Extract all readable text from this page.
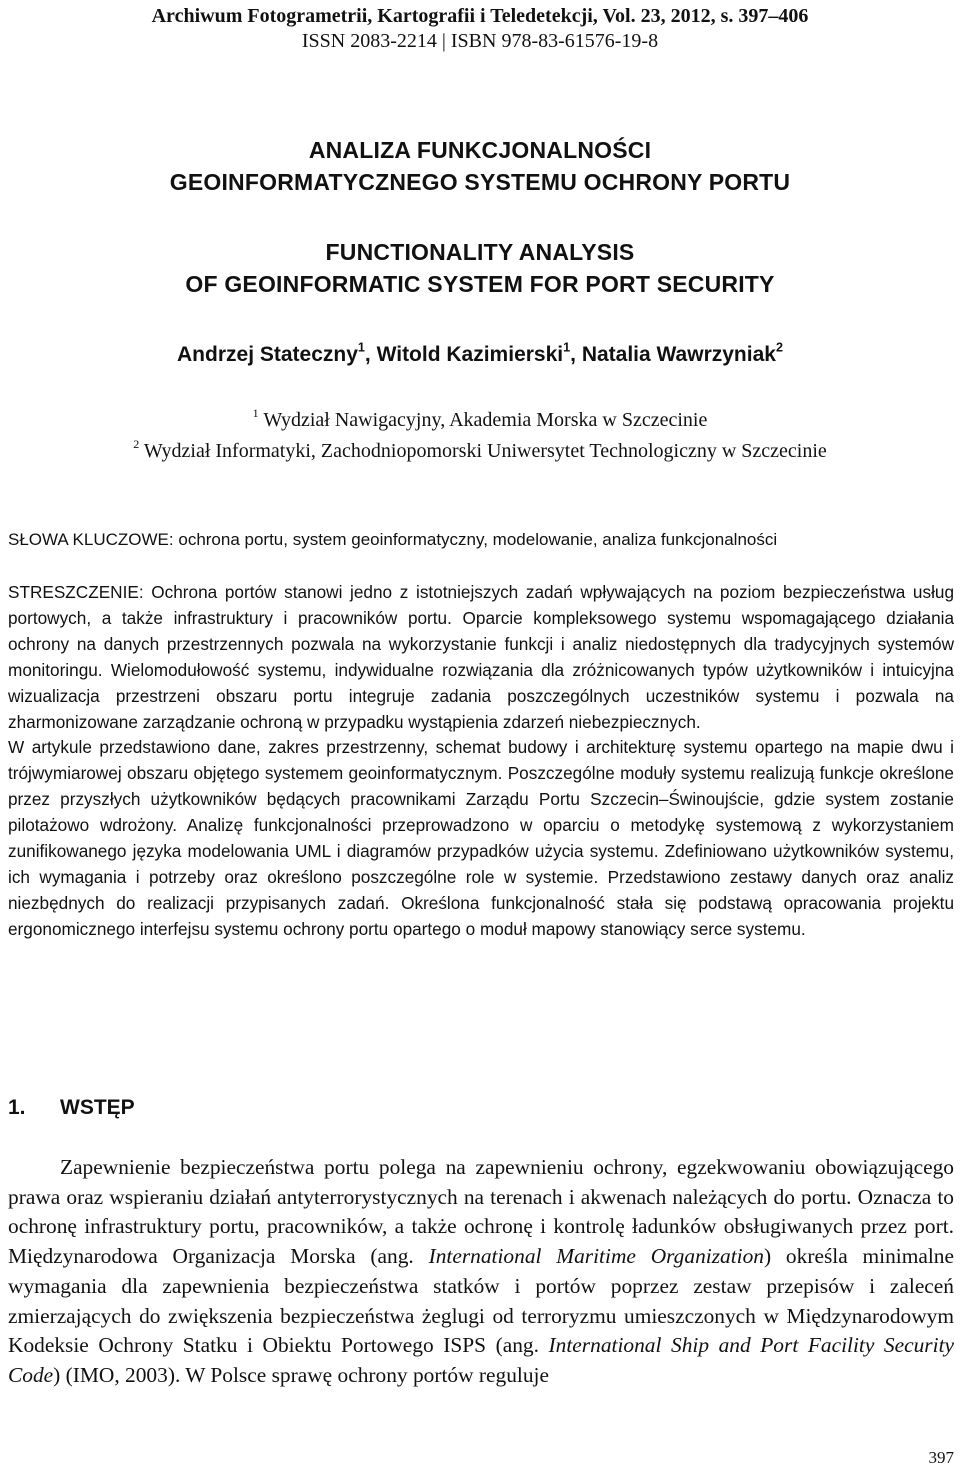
Archiwum Fotogrametrii, Kartografii i Teledetekcji, Vol. 23, 2012, s. 397–406
ISSN 2083-2214 | ISBN 978-83-61576-19-8
ANALIZA FUNKCJONALNOŚCI
GEOINFORMATYCZNEGO SYSTEMU OCHRONY PORTU
FUNCTIONALITY ANALYSIS
OF GEOINFORMATIC SYSTEM FOR PORT SECURITY
Andrzej Stateczny$^1$, Witold Kazimierski$^1$, Natalia Wawrzyniak$^2$
$^1$ Wydział Nawigacyjny, Akademia Morska w Szczecinie
$^2$ Wydział Informatyki, Zachodniopomorski Uniwersytet Technologiczny w Szczecinie
SŁOWA KLUCZOWE: ochrona portu, system geoinformatyczny, modelowanie, analiza funkcjonalności

STRESZCZENIE: Ochrona portów stanowi jedno z istotniejszych zadań wpływających na poziom bezpieczeństwa usług portowych, a także infrastruktury i pracowników portu. Oparcie kompleksowego systemu wspomagającego działania ochrony na danych przestrzennych pozwala na wykorzystanie funkcji i analiz niedostępnych dla tradycyjnych systemów monitoringu. Wielomodułowość systemu, indywidualne rozwiązania dla zróżnicowanych typów użytkowników i intuicyjna wizualizacja przestrzeni obszaru portu integruje zadania poszczególnych uczestników systemu i pozwala na zharmonizowane zarządzanie ochroną w przypadku wystąpienia zdarzeń niebezpiecznych.

W artykule przedstawiono dane, zakres przestrzenny, schemat budowy i architekturę systemu opartego na mapie dwu i trójwymiarowej obszaru objętego systemem geoinformatycznym. Poszczególne moduły systemu realizują funkcje określone przez przyszłych użytkowników będących pracownikami Zarządu Portu Szczecin–Świnoujście, gdzie system zostanie pilotażowo wdrożony. Analizę funkcjonalności przeprowadzono w oparciu o metodykę systemową z wykorzystaniem zunifikowanego języka modelowania UML i diagramów przypadków użycia systemu. Zdefiniowano użytkowników systemu, ich wymagania i potrzeby oraz określono poszczególne role w systemie. Przedstawiono zestawy danych oraz analiz niezbędnych do realizacji przypisanych zadań. Określona funkcjonalność stała się podstawą opracowania projektu ergonomicznego interfejsu systemu ochrony portu opartego o moduł mapowy stanowiący serce systemu.

1. WSTĘP

Zapewnienie bezpieczeństwa portu polega na zapewnieniu ochrony, egzekwowaniu obowiązującego prawa oraz wspieraniu działań antyterrorystycznych na terenach i akwenach należących do portu. Oznacza to ochronę infrastruktury portu, pracowników, a także ochronę i kontrolę ładunków obsługiwanych przez port. Międzynarodowa Organizacja Morska (ang. International Maritime Organization) określa minimalne wymagania dla zapewnienia bezpieczeństwa statków i portów poprzez zestaw przepisów i zaleceń zmierzających do zwiększenia bezpieczeństwa żeglugi od terroryzmu umieszczonych w Międzynarodowym Kodeksie Ochrony Statku i Obiektu Portowego ISPS (ang. International Ship and Port Facility Security Code) (IMO, 2003). W Polsce sprawę ochrony portów reguluje

397
